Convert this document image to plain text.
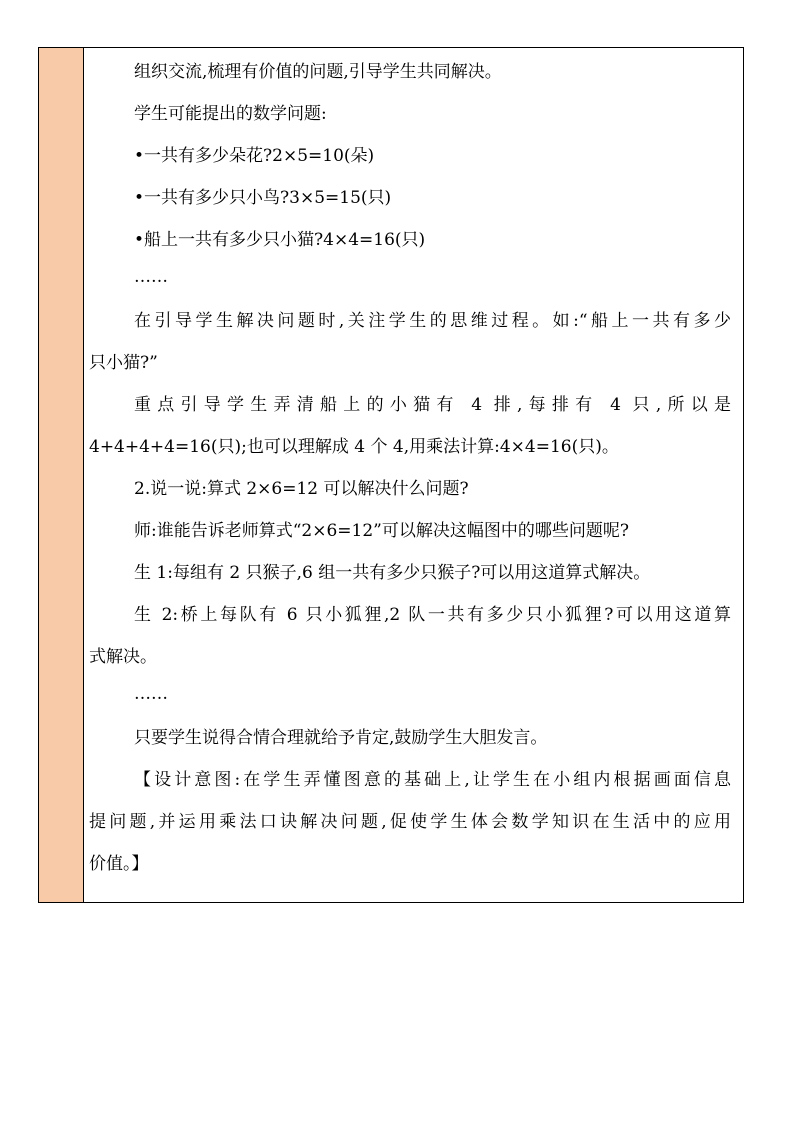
组织交流,梳理有价值的问题,引导学生共同解决。
学生可能提出的数学问题:
•一共有多少朵花?2×5=10(朵)
•一共有多少只小鸟?3×5=15(只)
•船上一共有多少只小猫?4×4=16(只)
……
在引导学生解决问题时,关注学生的思维过程。如:“船上一共有多少
只小猫?”
重点引导学生弄清船上的小猫有 4 排,每排有 4 只,所以是
4+4+4+4=16(只);也可以理解成 4 个 4,用乘法计算:4×4=16(只)。
2.说一说:算式 2×6=12 可以解决什么问题?
师:谁能告诉老师算式“2×6=12”可以解决这幅图中的哪些问题呢?
生 1:每组有 2 只猴子,6 组一共有多少只猴子?可以用这道算式解决。
生 2:桥上每队有 6 只小狐狸,2 队一共有多少只小狐狸?可以用这道算
式解决。
……
只要学生说得合情合理就给予肯定,鼓励学生大胆发言。
【设计意图:在学生弄懂图意的基础上,让学生在小组内根据画面信息
提问题,并运用乘法口诀解决问题,促使学生体会数学知识在生活中的应用
价值。】
